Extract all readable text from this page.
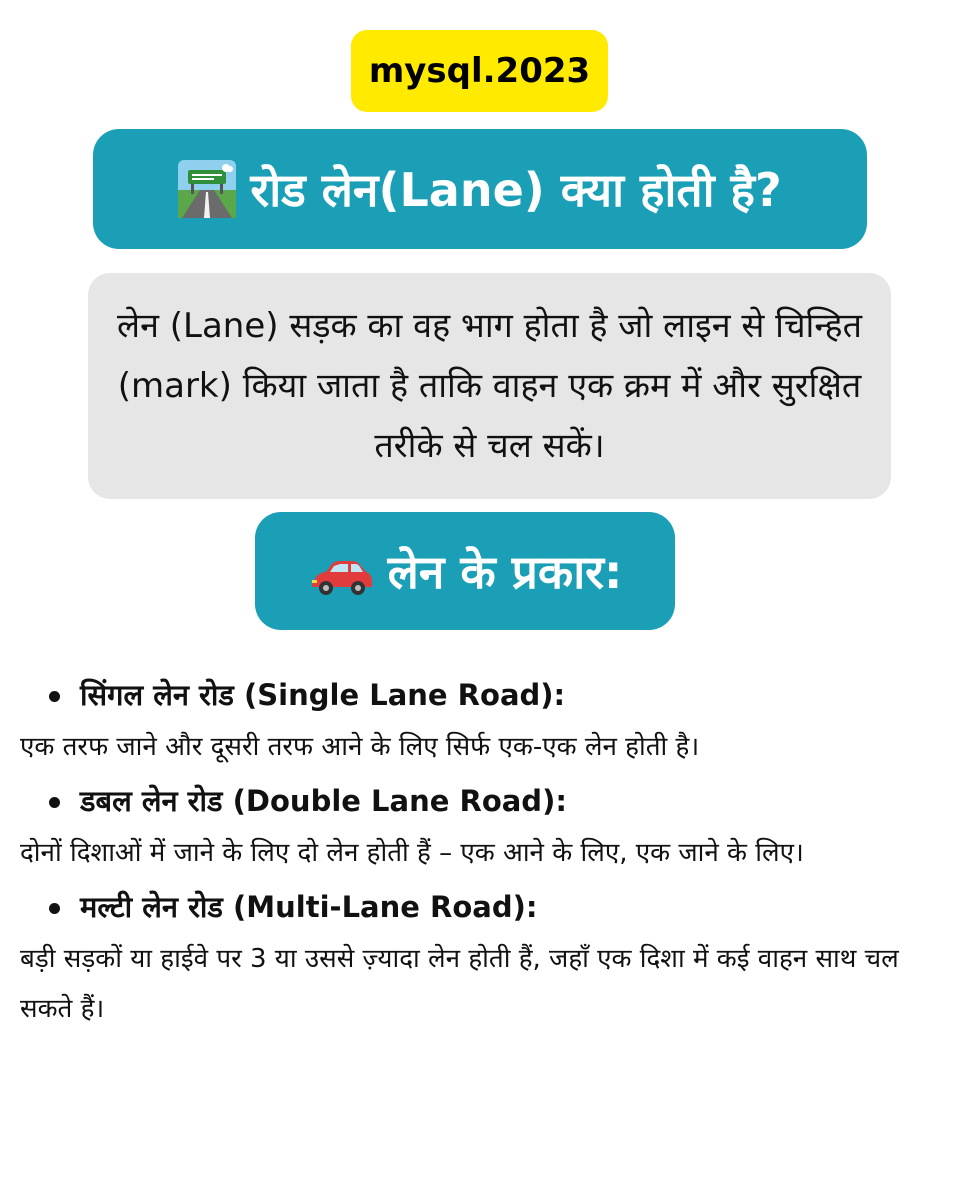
mysql.2023
रोड लेन(Lane) क्या होती है?
लेन (Lane) सड़क का वह भाग होता है जो लाइन से चिन्हित (mark) किया जाता है ताकि वाहन एक क्रम में और सुरक्षित तरीके से चल सकें।
लेन के प्रकार:
सिंगल लेन रोड (Single Lane Road):
एक तरफ जाने और दूसरी तरफ आने के लिए सिर्फ एक-एक लेन होती है।
डबल लेन रोड (Double Lane Road):
दोनों दिशाओं में जाने के लिए दो लेन होती हैं – एक आने के लिए, एक जाने के लिए।
मल्टी लेन रोड (Multi-Lane Road):
बड़ी सड़कों या हाईवे पर 3 या उससे ज़्यादा लेन होती हैं, जहाँ एक दिशा में कई वाहन साथ चल सकते हैं।
